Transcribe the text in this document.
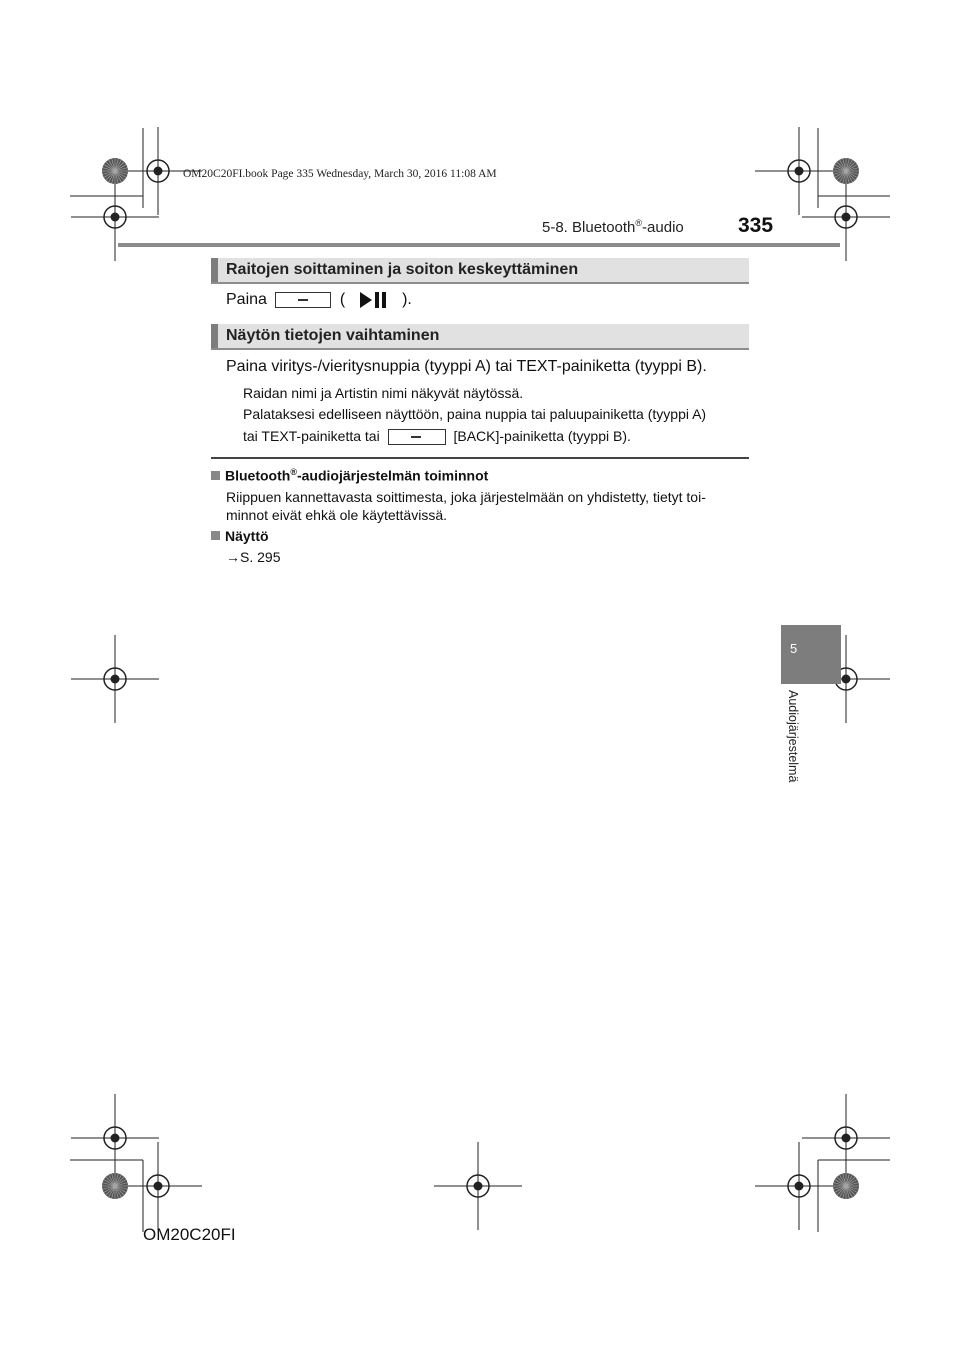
OM20C20FI.book Page 335 Wednesday, March 30, 2016 11:08 AM
5-8. Bluetooth®-audio	335
Raitojen soittaminen ja soiton keskeyttäminen
Paina	(	).
Näytön tietojen vaihtaminen
Paina viritys-/vieritysnuppia (tyyppi A) tai TEXT-painiketta (tyyppi B).
Raidan nimi ja Artistin nimi näkyvät näytössä.
Palataksesi edelliseen näyttöön, paina nuppia tai paluupainiketta (tyyppi A)
tai TEXT-painiketta tai	[BACK]-painiketta (tyyppi B).
Bluetooth®-audiojärjestelmän toiminnot
Riippuen kannettavasta soittimesta, joka järjestelmään on yhdistetty, tietyt toi-
minnot eivät ehkä ole käytettävissä.
Näyttö
→S. 295
5
Audiojärjestelmä
OM20C20FI
